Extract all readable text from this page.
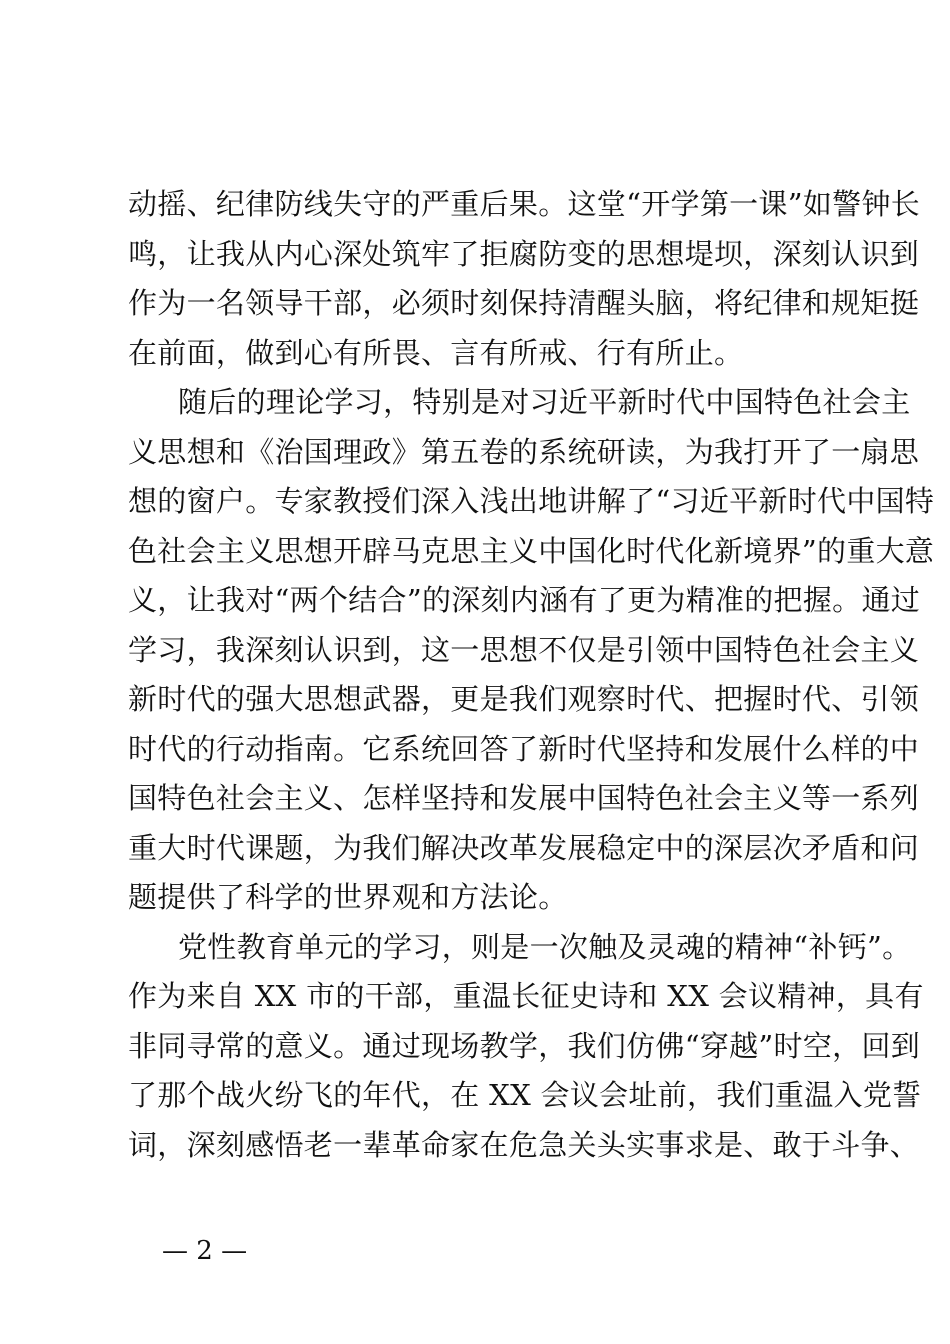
动摇、纪律防线失守的严重后果。这堂“开学第一课”如警钟长
鸣，让我从内心深处筑牢了拒腐防变的思想堤坝，深刻认识到
作为一名领导干部，必须时刻保持清醒头脑，将纪律和规矩挺
在前面，做到心有所畏、言有所戒、行有所止。
随后的理论学习，特别是对习近平新时代中国特色社会主
义思想和《治国理政》第五卷的系统研读，为我打开了一扇思
想的窗户。专家教授们深入浅出地讲解了“习近平新时代中国特
色社会主义思想开辟马克思主义中国化时代化新境界”的重大意
义，让我对“两个结合”的深刻内涵有了更为精准的把握。通过
学习，我深刻认识到，这一思想不仅是引领中国特色社会主义
新时代的强大思想武器，更是我们观察时代、把握时代、引领
时代的行动指南。它系统回答了新时代坚持和发展什么样的中
国特色社会主义、怎样坚持和发展中国特色社会主义等一系列
重大时代课题，为我们解决改革发展稳定中的深层次矛盾和问
题提供了科学的世界观和方法论。
党性教育单元的学习，则是一次触及灵魂的精神“补钙”。
作为来自 XX 市的干部，重温长征史诗和 XX 会议精神，具有
非同寻常的意义。通过现场教学，我们仿佛“穿越”时空，回到
了那个战火纷飞的年代，在 XX 会议会址前，我们重温入党誓
词，深刻感悟老一辈革命家在危急关头实事求是、敢于斗争、
— 2 —
